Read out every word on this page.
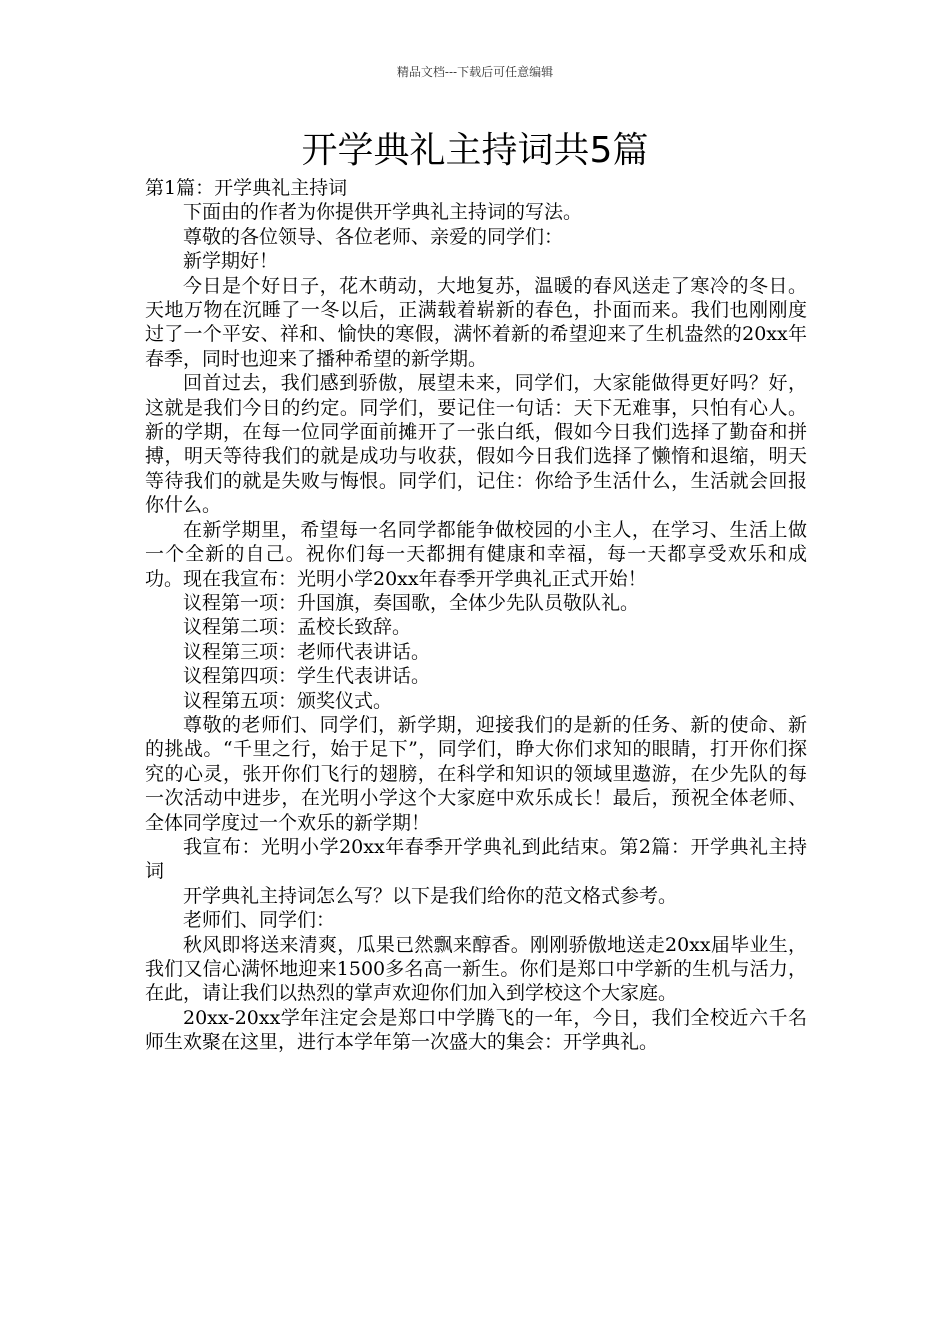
精品文档---下载后可任意编辑
开学典礼主持词共5篇

第1篇：开学典礼主持词

下面由的作者为你提供开学典礼主持词的写法。

尊敬的各位领导、各位老师、亲爱的同学们：

新学期好！

今日是个好日子，花木萌动，大地复苏，温暖的春风送走了寒冷的冬日。天地万物在沉睡了一冬以后，正满载着崭新的春色，扑面而来。我们也刚刚度过了一个平安、祥和、愉快的寒假，满怀着新的希望迎来了生机盎然的20xx年春季，同时也迎来了播种希望的新学期。

回首过去，我们感到骄傲，展望未来，同学们，大家能做得更好吗？好，这就是我们今日的约定。同学们，要记住一句话：天下无难事，只怕有心人。新的学期，在每一位同学面前摊开了一张白纸，假如今日我们选择了勤奋和拼搏，明天等待我们的就是成功与收获，假如今日我们选择了懒惰和退缩，明天等待我们的就是失败与悔恨。同学们，记住：你给予生活什么，生活就会回报你什么。

在新学期里，希望每一名同学都能争做校园的小主人，在学习、生活上做一个全新的自己。祝你们每一天都拥有健康和幸福，每一天都享受欢乐和成功。现在我宣布：光明小学20xx年春季开学典礼正式开始！

议程第一项：升国旗，奏国歌，全体少先队员敬队礼。

议程第二项：孟校长致辞。

议程第三项：老师代表讲话。

议程第四项：学生代表讲话。

议程第五项：颁奖仪式。

尊敬的老师们、同学们，新学期，迎接我们的是新的任务、新的使命、新的挑战。“千里之行，始于足下”，同学们，睁大你们求知的眼睛，打开你们探究的心灵，张开你们飞行的翅膀，在科学和知识的领域里遨游，在少先队的每一次活动中进步，在光明小学这个大家庭中欢乐成长！最后，预祝全体老师、全体同学度过一个欢乐的新学期！

我宣布：光明小学20xx年春季开学典礼到此结束。第2篇：开学典礼主持词

开学典礼主持词怎么写？以下是我们给你的范文格式参考。

老师们、同学们：

秋风即将送来清爽，瓜果已然飘来醇香。刚刚骄傲地送走20xx届毕业生，我们又信心满怀地迎来1500多名高一新生。你们是郑口中学新的生机与活力，在此，请让我们以热烈的掌声欢迎你们加入到学校这个大家庭。

20xx-20xx学年注定会是郑口中学腾飞的一年，今日，我们全校近六千名师生欢聚在这里，进行本学年第一次盛大的集会：开学典礼。
